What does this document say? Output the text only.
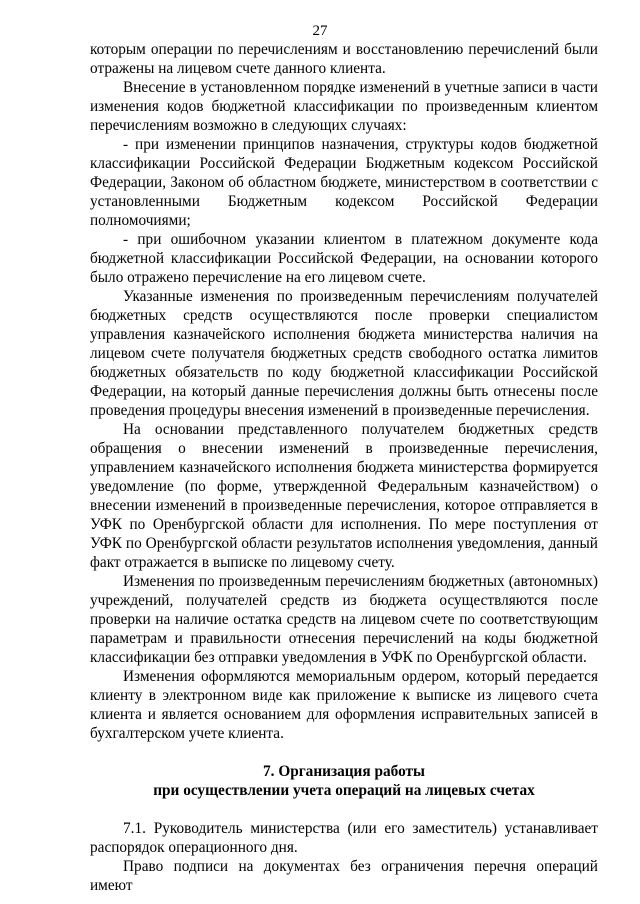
27

которым операции по перечислениям и восстановлению перечислений были отражены на лицевом счете данного клиента.

Внесение в установленном порядке изменений в учетные записи в части изменения кодов бюджетной классификации по произведенным клиентом перечислениям возможно в следующих случаях:

- при изменении принципов назначения, структуры кодов бюджетной классификации Российской Федерации Бюджетным кодексом Российской Федерации, Законом об областном бюджете, министерством в соответствии с установленными Бюджетным кодексом Российской Федерации полномочиями;

- при ошибочном указании клиентом в платежном документе кода бюджетной классификации Российской Федерации, на основании которого было отражено перечисление на его лицевом счете.

Указанные изменения по произведенным перечислениям получателей бюджетных средств осуществляются после проверки специалистом управления казначейского исполнения бюджета министерства наличия на лицевом счете получателя бюджетных средств свободного остатка лимитов бюджетных обязательств по коду бюджетной классификации Российской Федерации, на который данные перечисления должны быть отнесены после проведения процедуры внесения изменений в произведенные перечисления.

На основании представленного получателем бюджетных средств обращения о внесении изменений в произведенные перечисления, управлением казначейского исполнения бюджета министерства формируется уведомление (по форме, утвержденной Федеральным казначейством) о внесении изменений в произведенные перечисления, которое отправляется в УФК по Оренбургской области для исполнения. По мере поступления от УФК по Оренбургской области результатов исполнения уведомления, данный факт отражается в выписке по лицевому счету.

Изменения по произведенным перечислениям бюджетных (автономных) учреждений, получателей средств из бюджета осуществляются после проверки на наличие остатка средств на лицевом счете по соответствующим параметрам и правильности отнесения перечислений на коды бюджетной классификации без отправки уведомления в УФК по Оренбургской области.

Изменения оформляются мемориальным ордером, который передается клиенту в электронном виде как приложение к выписке из лицевого счета клиента и является основанием для оформления исправительных записей в бухгалтерском учете клиента.

7. Организация работы
при осуществлении учета операций на лицевых счетах

7.1. Руководитель министерства (или его заместитель) устанавливает распорядок операционного дня.

Право подписи на документах без ограничения перечня операций имеют
